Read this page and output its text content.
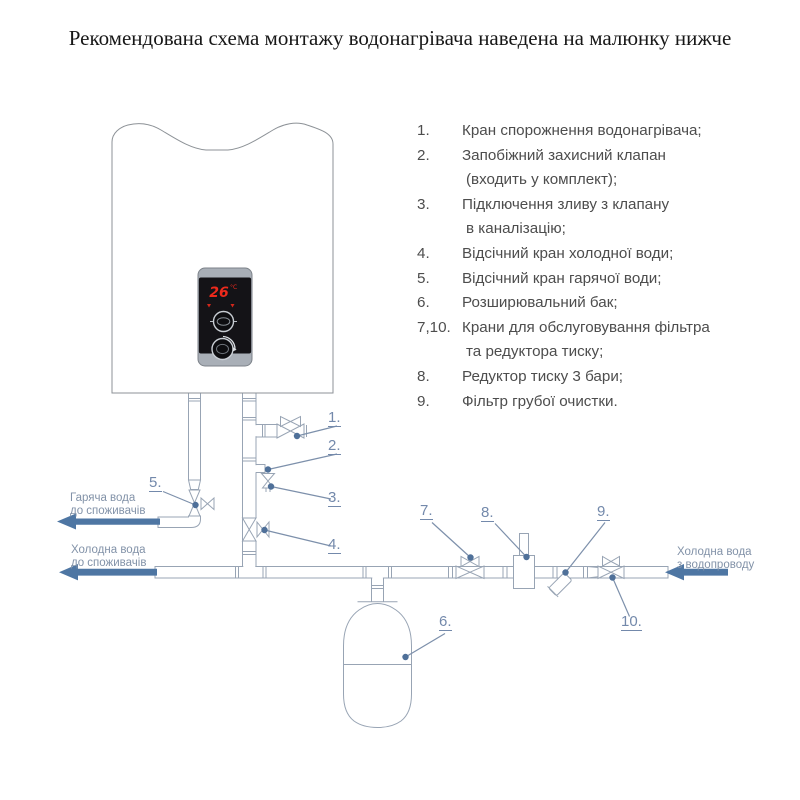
Рекомендована схема монтажу водонагрівача наведена на малюнку нижче
1.	Кран спорожнення водонагрівача;
2.	Запобіжний захисний клапан
(входить у комплект);
3.	Підключення зливу з клапану
в каналізацію;
4.	Відсічний кран холодної води;
5.	Відсічний кран гарячої води;
6.	Розширювальний бак;
7,10. Крани для обслуговування фільтра
та редуктора тиску;
8.	Редуктор тиску 3 бари;
9.	Фільтр грубої очистки.
26 °C
1.
2.
3.
4.
5.
6.
7.	8.	9.
10.
Гаряча вода
до споживачів
Холодна вода
до споживачів
Холодна вода
з водопроводу
